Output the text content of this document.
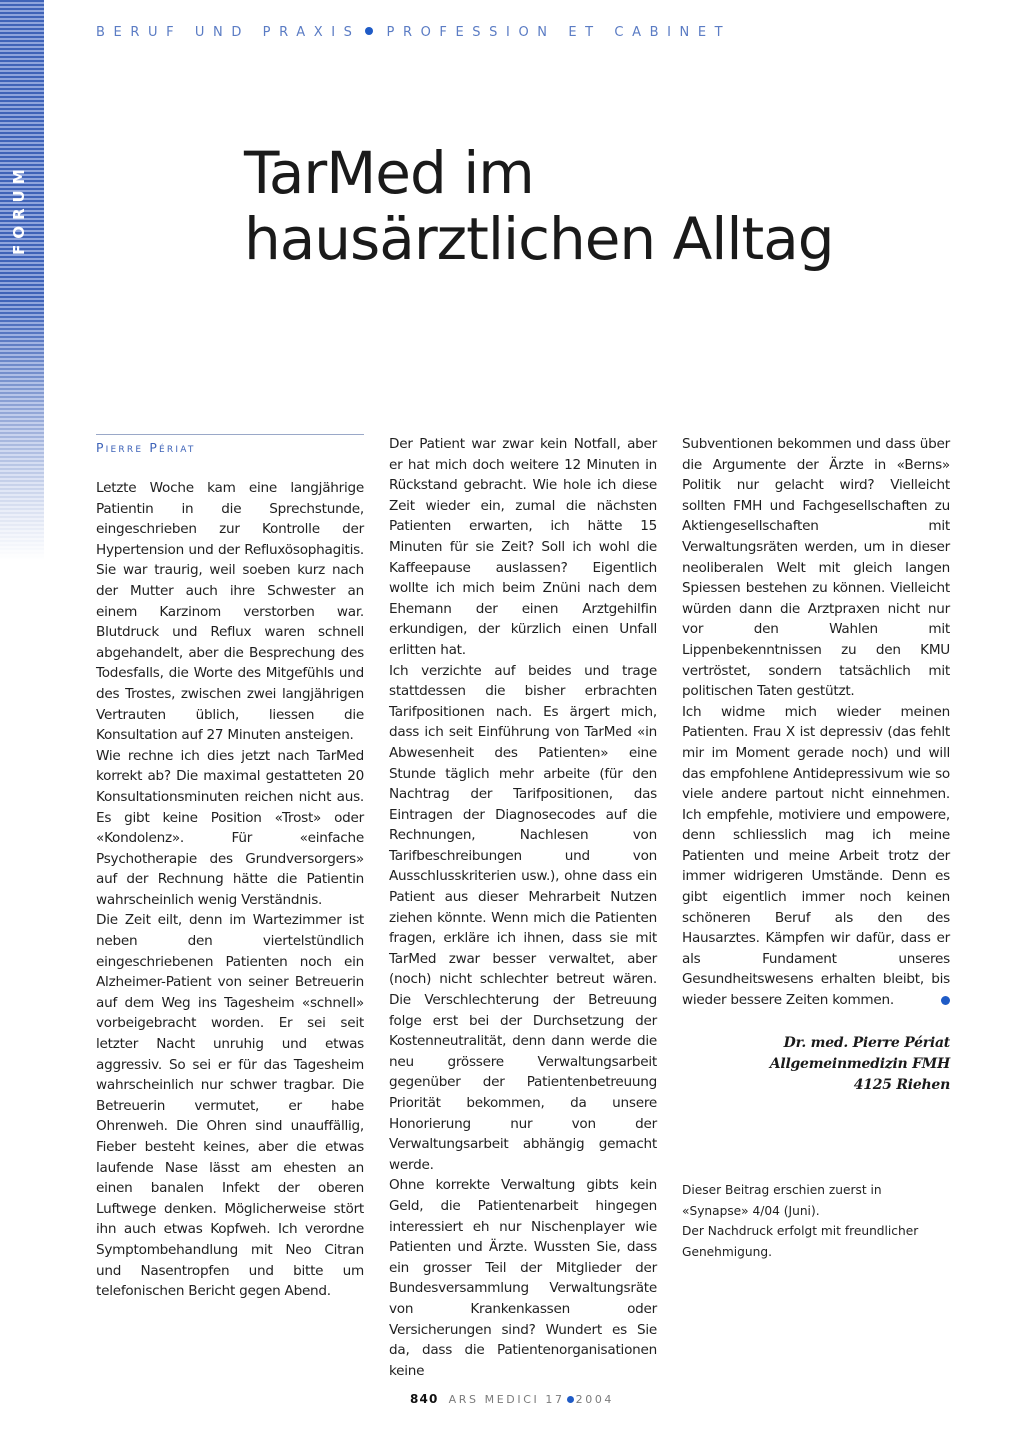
FORUM
BERUF UND PRAXIS PROFESSION ET CABINET
TarMed im
hausärztlichen Alltag
Pierre Périat

Letzte Woche kam eine langjährige Patientin in die Sprechstunde, eingeschrieben zur Kontrolle der Hypertension und der Refluxösophagitis. Sie war traurig, weil soeben kurz nach der Mutter auch ihre Schwester an einem Karzinom verstorben war. Blutdruck und Reflux waren schnell abgehandelt, aber die Besprechung des Todesfalls, die Worte des Mitgefühls und des Trostes, zwischen zwei langjährigen Vertrauten üblich, liessen die Konsultation auf 27 Minuten ansteigen.

Wie rechne ich dies jetzt nach TarMed korrekt ab? Die maximal gestatteten 20 Konsultationsminuten reichen nicht aus. Es gibt keine Position «Trost» oder «Kondolenz». Für «einfache Psychotherapie des Grundversorgers» auf der Rechnung hätte die Patientin wahrscheinlich wenig Verständnis.

Die Zeit eilt, denn im Wartezimmer ist neben den viertelstündlich eingeschriebenen Patienten noch ein Alzheimer-Patient von seiner Betreuerin auf dem Weg ins Tagesheim «schnell» vorbeigebracht worden. Er sei seit letzter Nacht unruhig und etwas aggressiv. So sei er für das Tagesheim wahrscheinlich nur schwer tragbar. Die Betreuerin vermutet, er habe Ohrenweh. Die Ohren sind unauffällig, Fieber besteht keines, aber die etwas laufende Nase lässt am ehesten an einen banalen Infekt der oberen Luftwege denken. Möglicherweise stört ihn auch etwas Kopfweh. Ich verordne Symptombehandlung mit Neo Citran und Nasentropfen und bitte um telefonischen Bericht gegen Abend.

Der Patient war zwar kein Notfall, aber er hat mich doch weitere 12 Minuten in Rückstand gebracht. Wie hole ich diese Zeit wieder ein, zumal die nächsten Patienten erwarten, ich hätte 15 Minuten für sie Zeit? Soll ich wohl die Kaffeepause auslassen? Eigentlich wollte ich mich beim Znüni nach dem Ehemann der einen Arztgehilfin erkundigen, der kürzlich einen Unfall erlitten hat.

Ich verzichte auf beides und trage stattdessen die bisher erbrachten Tarifpositionen nach. Es ärgert mich, dass ich seit Einführung von TarMed «in Abwesenheit des Patienten» eine Stunde täglich mehr arbeite (für den Nachtrag der Tarifpositionen, das Eintragen der Diagnosecodes auf die Rechnungen, Nachlesen von Tarifbeschreibungen und von Ausschlusskriterien usw.), ohne dass ein Patient aus dieser Mehrarbeit Nutzen ziehen könnte. Wenn mich die Patienten fragen, erkläre ich ihnen, dass sie mit TarMed zwar besser verwaltet, aber (noch) nicht schlechter betreut wären. Die Verschlechterung der Betreuung folge erst bei der Durchsetzung der Kostenneutralität, denn dann werde die neu grössere Verwaltungsarbeit gegenüber der Patientenbetreuung Priorität bekommen, da unsere Honorierung nur von der Verwaltungsarbeit abhängig gemacht werde.

Ohne korrekte Verwaltung gibts kein Geld, die Patientenarbeit hingegen interessiert eh nur Nischenplayer wie Patienten und Ärzte. Wussten Sie, dass ein grosser Teil der Mitglieder der Bundesversammlung Verwaltungsräte von Krankenkassen oder Versicherungen sind? Wundert es Sie da, dass die Patientenorganisationen keine

Subventionen bekommen und dass über die Argumente der Ärzte in «Berns» Politik nur gelacht wird? Vielleicht sollten FMH und Fachgesellschaften zu Aktiengesellschaften mit Verwaltungsräten werden, um in dieser neoliberalen Welt mit gleich langen Spiessen bestehen zu können. Vielleicht würden dann die Arztpraxen nicht nur vor den Wahlen mit Lippenbekenntnissen zu den KMU vertröstet, sondern tatsächlich mit politischen Taten gestützt.

Ich widme mich wieder meinen Patienten. Frau X ist depressiv (das fehlt mir im Moment gerade noch) und will das empfohlene Antidepressivum wie so viele andere partout nicht einnehmen. Ich empfehle, motiviere und empowere, denn schliesslich mag ich meine Patienten und meine Arbeit trotz der immer widrigeren Umstände. Denn es gibt eigentlich immer noch keinen schöneren Beruf als den des Hausarztes. Kämpfen wir dafür, dass er als Fundament unseres Gesundheitswesens erhalten bleibt, bis wieder bessere Zeiten kommen.

Dr. med. Pierre Périat
Allgemeinmedizin FMH
4125 Riehen
Dieser Beitrag erschien zuerst in
«Synapse» 4/04 (Juni).
Der Nachdruck erfolgt mit freundlicher
Genehmigung.
840 ARS MEDICI 17 2004
